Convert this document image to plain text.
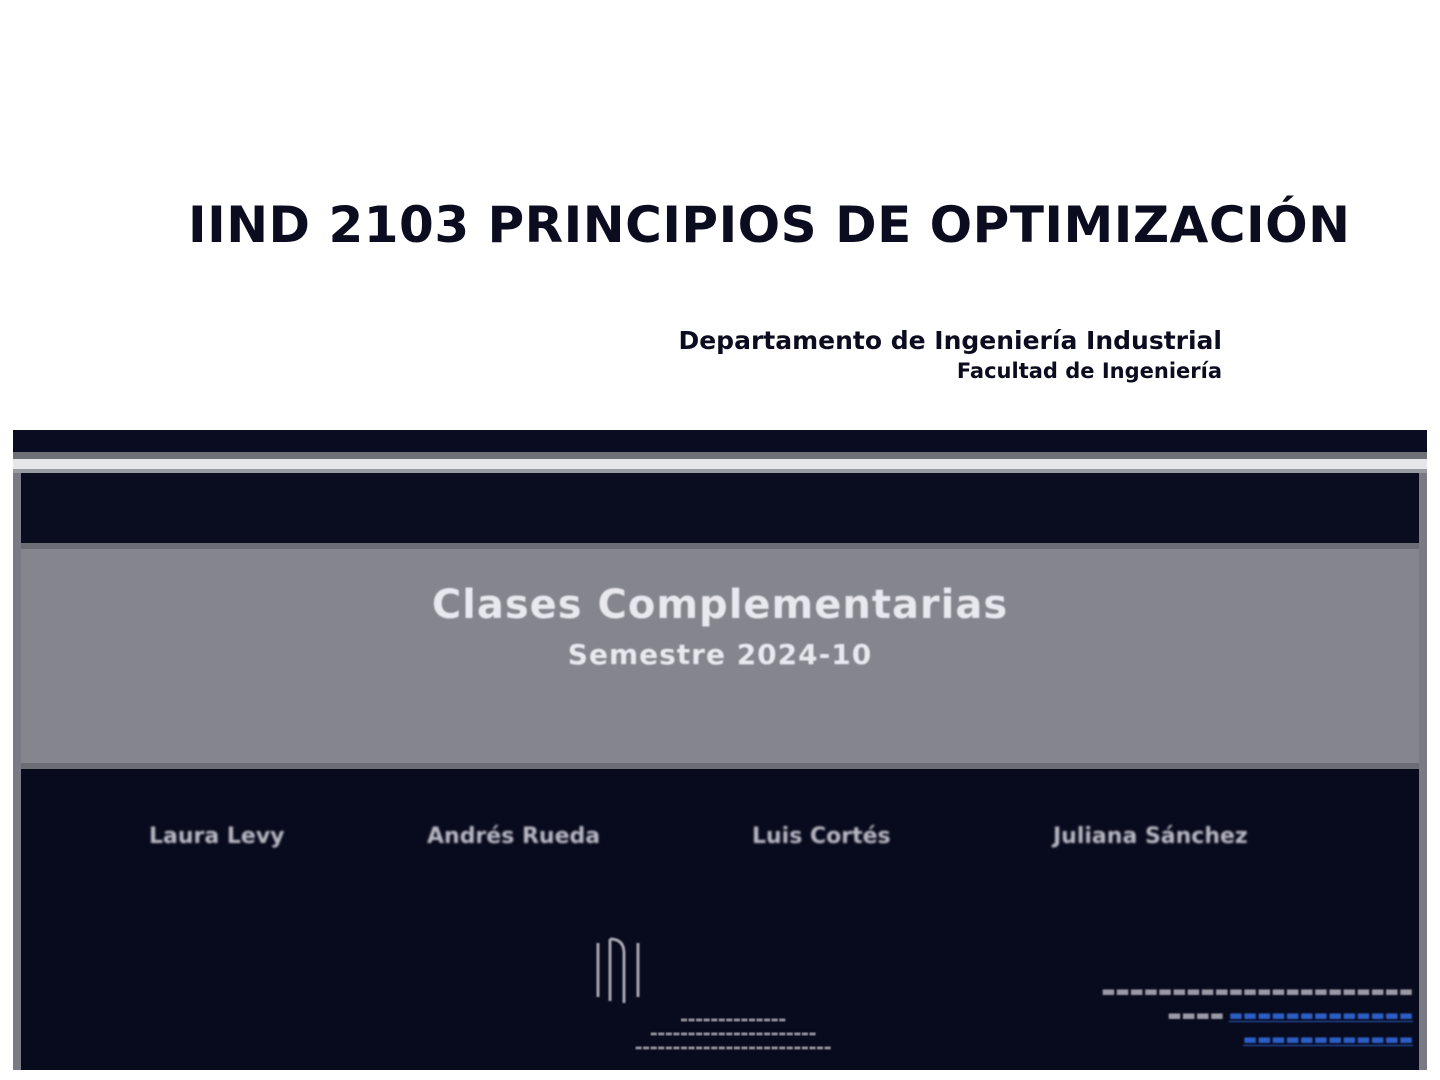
IIND 2103 PRINCIPIOS DE OPTIMIZACIÓN
Departamento de Ingeniería Industrial
Facultad de Ingeniería
Clases Complementarias
Semestre 2024-10
Laura Levy	Andrés Rueda	Luis Cortés	Juliana Sánchez
▬▬▬▬▬▬▬▬▬▬▬▬▬▬
▬▬▬▬▬▬▬▬▬▬▬▬▬▬▬▬▬▬▬▬▬▬
▬▬▬▬▬▬▬▬▬▬▬▬▬▬▬▬▬▬▬▬▬▬▬▬▬▬
▬▬▬▬▬▬▬▬▬▬▬▬▬▬▬▬▬▬▬▬▬▬
▬▬▬▬ ▬▬▬▬▬▬▬▬▬▬▬▬▬
▬▬▬▬▬▬▬▬▬▬▬▬
